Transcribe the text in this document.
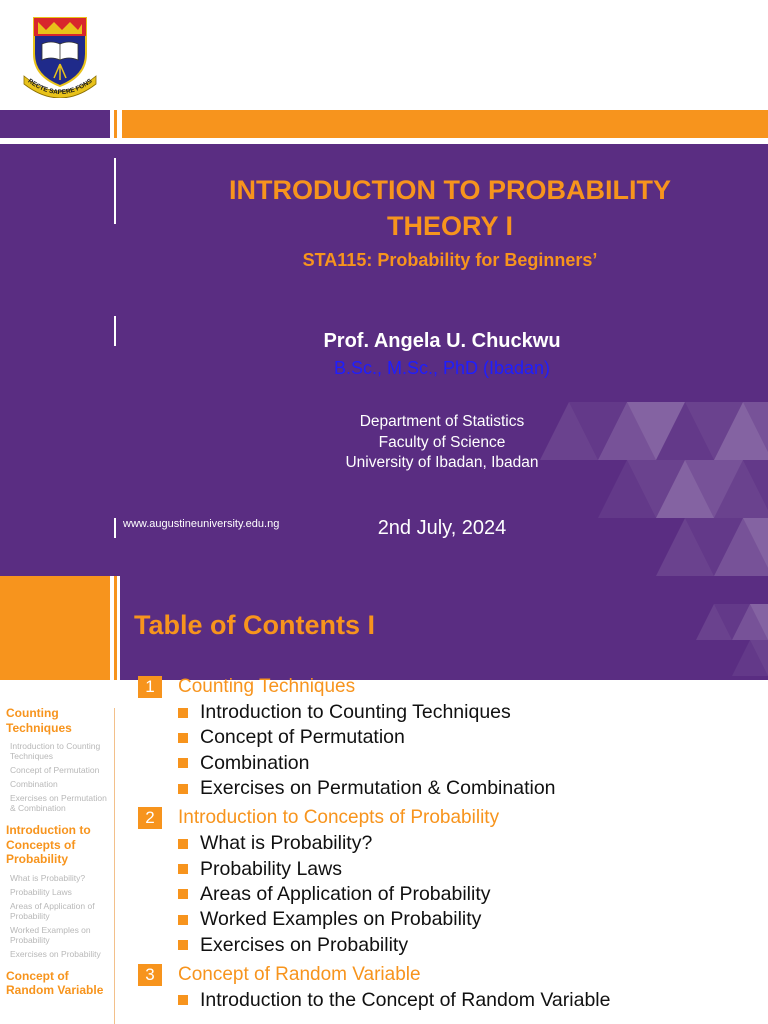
RECTE SAPERE FONS
INTRODUCTION TO PROBABILITY
THEORY I
STA115: Probability for Beginners’
Prof. Angela U. Chuckwu
B.Sc., M.Sc., PhD (Ibadan)
Department of Statistics
Faculty of Science
University of Ibadan, Ibadan
www.augustineuniversity.edu.ng	2nd July, 2024
Table of Contents I
Counting Techniques
Introduction to Counting Techniques
Concept of Permutation
Combination
Exercises on Permutation & Combination
Introduction to Concepts of Probability
What is Probability?
Probability Laws
Areas of Application of Probability
Worked Examples on Probability
Exercises on Probability
Concept of Random Variable
1	Counting Techniques
Introduction to Counting Techniques
Concept of Permutation
Combination
Exercises on Permutation & Combination
2	Introduction to Concepts of Probability
What is Probability?
Probability Laws
Areas of Application of Probability
Worked Examples on Probability
Exercises on Probability
3	Concept of Random Variable
Introduction to the Concept of Random Variable
